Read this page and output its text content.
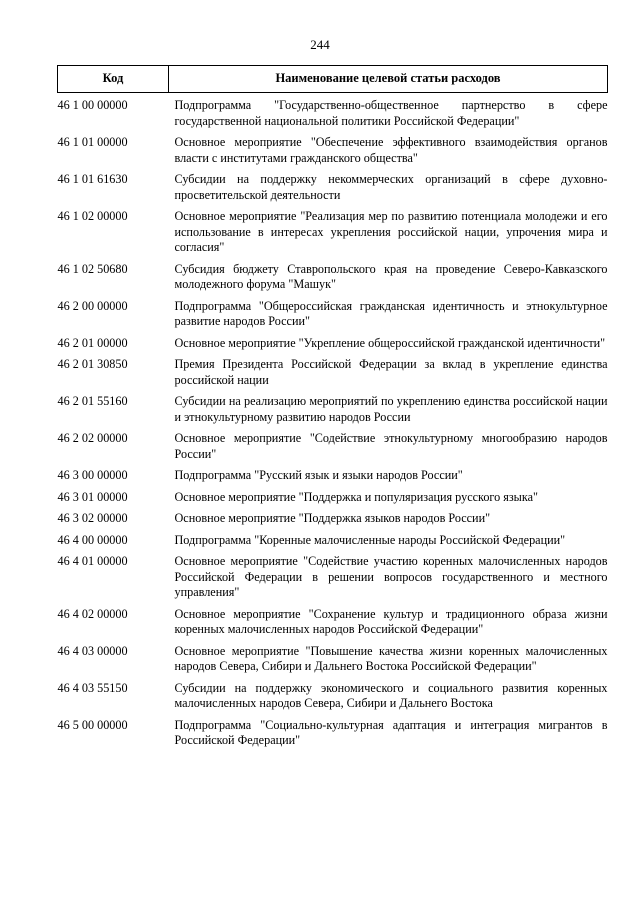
244
Код	Наименование целевой статьи расходов
46 1 00 00000	Подпрограмма "Государственно-общественное партнерство в сфере государственной национальной политики Российской Федерации"
46 1 01 00000	Основное мероприятие "Обеспечение эффективного взаимодействия органов власти с институтами гражданского общества"
46 1 01 61630	Субсидии на поддержку некоммерческих организаций в сфере духовно-просветительской деятельности
46 1 02 00000	Основное мероприятие "Реализация мер по развитию потенциала молодежи и его использование в интересах укрепления российской нации, упрочения мира и согласия"
46 1 02 50680	Субсидия бюджету Ставропольского края на проведение Северо-Кавказского молодежного форума "Машук"
46 2 00 00000	Подпрограмма "Общероссийская гражданская идентичность и этнокультурное развитие народов России"
46 2 01 00000	Основное мероприятие "Укрепление общероссийской гражданской идентичности"
46 2 01 30850	Премия Президента Российской Федерации за вклад в укрепление единства российской нации
46 2 01 55160	Субсидии на реализацию мероприятий по укреплению единства российской нации и этнокультурному развитию народов России
46 2 02 00000	Основное мероприятие "Содействие этнокультурному многообразию народов России"
46 3 00 00000	Подпрограмма "Русский язык и языки народов России"
46 3 01 00000	Основное мероприятие "Поддержка и популяризация русского языка"
46 3 02 00000	Основное мероприятие "Поддержка языков народов России"
46 4 00 00000	Подпрограмма "Коренные малочисленные народы Российской Федерации"
46 4 01 00000	Основное мероприятие "Содействие участию коренных малочисленных народов Российской Федерации в решении вопросов государственного и местного управления"
46 4 02 00000	Основное мероприятие "Сохранение культур и традиционного образа жизни коренных малочисленных народов Российской Федерации"
46 4 03 00000	Основное мероприятие "Повышение качества жизни коренных малочисленных народов Севера, Сибири и Дальнего Востока Российской Федерации"
46 4 03 55150	Субсидии на поддержку экономического и социального развития коренных малочисленных народов Севера, Сибири и Дальнего Востока
46 5 00 00000	Подпрограмма "Социально-культурная адаптация и интеграция мигрантов в Российской Федерации"
